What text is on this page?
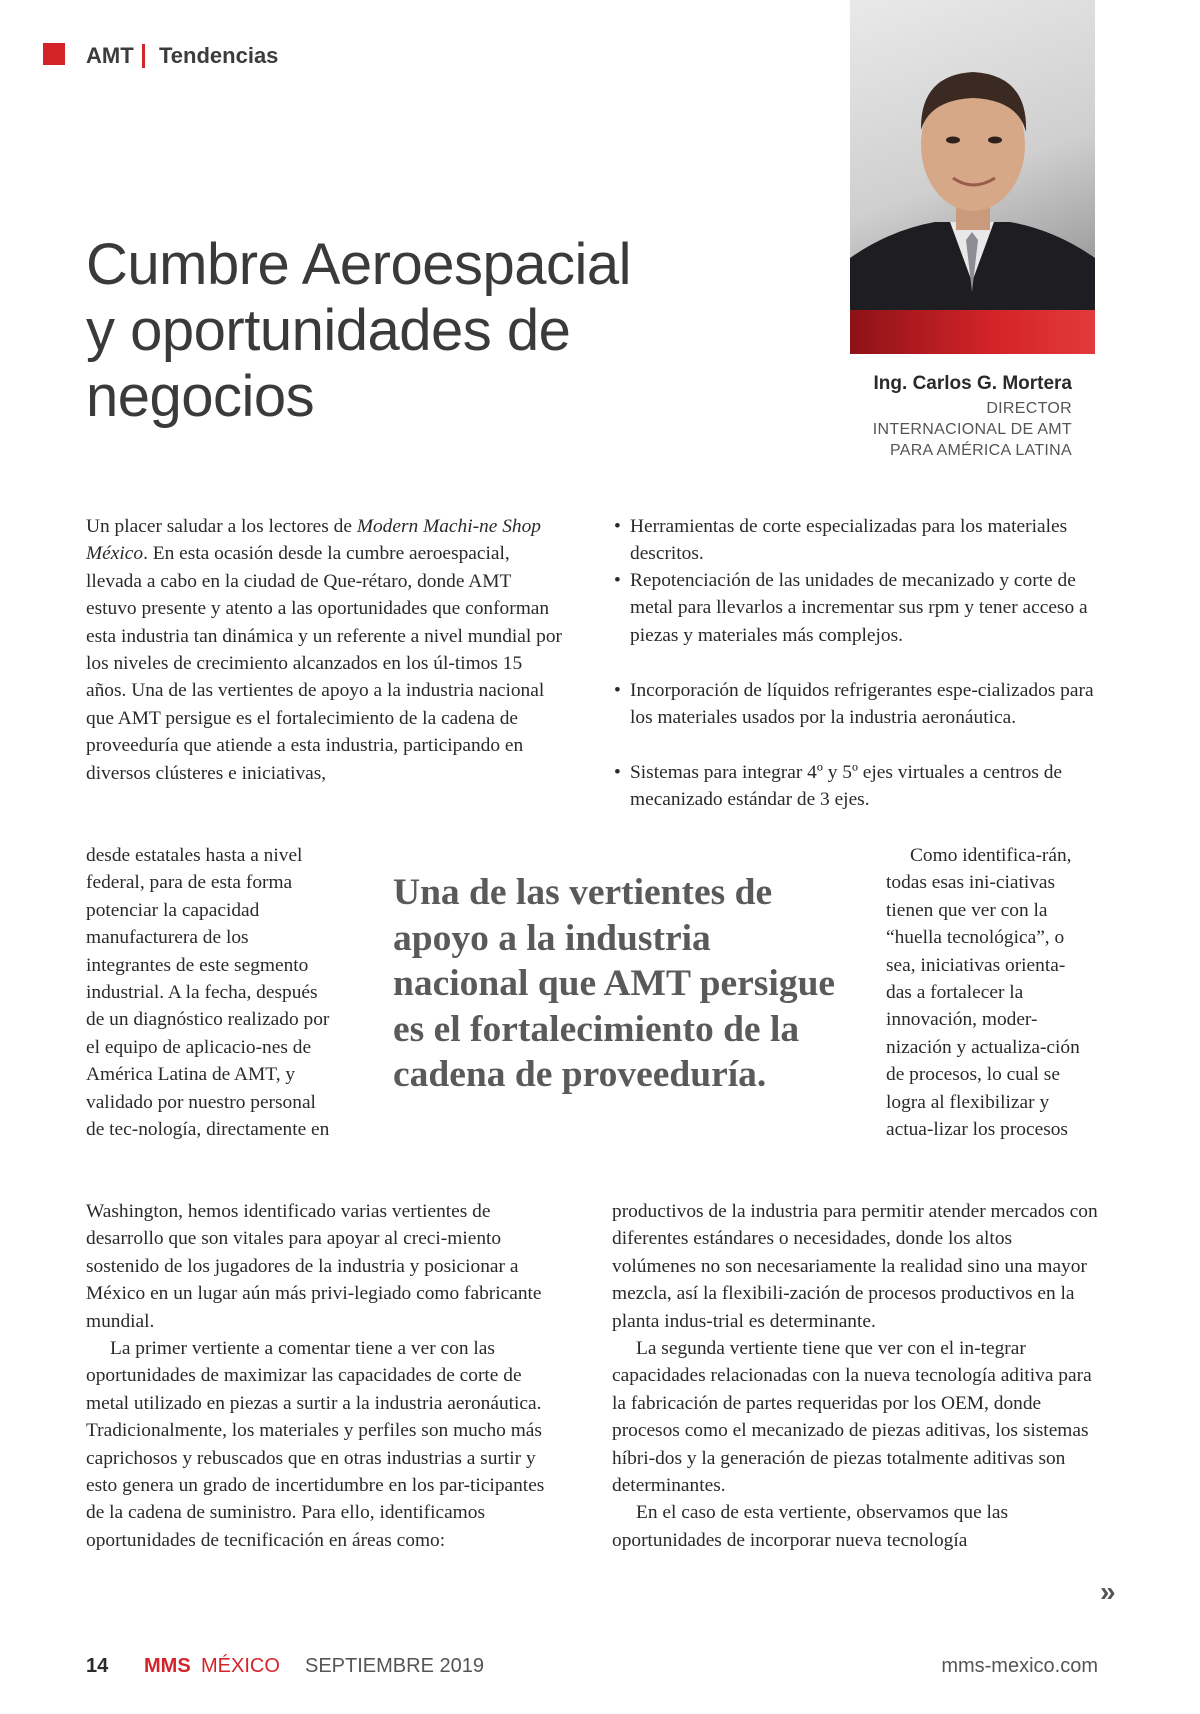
AMT Tendencias
Cumbre Aeroespacial
y oportunidades de negocios	Ing. Carlos G. Mortera
DIRECTOR
INTERNACIONAL DE AMT
PARA AMÉRICA LATINA

Un placer saludar a los lectores de Modern Machi-ne Shop México. En esta ocasión desde la cumbre aeroespacial, llevada a cabo en la ciudad de Que-rétaro, donde AMT estuvo presente y atento a las oportunidades que conforman esta industria tan dinámica y un referente a nivel mundial por los niveles de crecimiento alcanzados en los úl-timos 15 años. Una de las vertientes de apoyo a la industria nacional que AMT persigue es el fortalecimiento de la cadena de proveeduría que atiende a esta industria, participando en diversos clústeres e iniciativas,

desde estatales hasta a nivel federal, para de esta forma potenciar la capacidad manufacturera de los integrantes de este segmento industrial. A la fecha, después de un diagnóstico realizado por el equipo de aplicacio-nes de América Latina de AMT, y validado por nuestro personal de tec-nología, directamente en

Washington, hemos identificado varias vertientes de desarrollo que son vitales para apoyar al creci-miento sostenido de los jugadores de la industria y posicionar a México en un lugar aún más privi-legiado como fabricante mundial.

La primer vertiente a comentar tiene a ver con las oportunidades de maximizar las capacidades de corte de metal utilizado en piezas a surtir a la industria aeronáutica. Tradicionalmente, los materiales y perfiles son mucho más caprichosos y rebuscados que en otras industrias a surtir y esto genera un grado de incertidumbre en los par-ticipantes de la cadena de suministro. Para ello, identificamos oportunidades de tecnificación en áreas como:

• Herramientas de corte especializadas para los materiales descritos.
• Repotenciación de las unidades de mecanizado y corte de metal para llevarlos a incrementar sus rpm y tener acceso a piezas y materiales más complejos.
• Incorporación de líquidos refrigerantes espe-cializados para los materiales usados por la industria aeronáutica.
• Sistemas para integrar 4º y 5º ejes virtuales a centros de mecanizado estándar de 3 ejes.

Como identifica-rán, todas esas ini-ciativas tienen que ver con la “huella tecnológica”, o sea, iniciativas orienta-das a fortalecer la innovación, moder-nización y actualiza-ción de procesos, lo cual se logra al flexibilizar y actua-lizar los procesos

productivos de la industria para permitir atender mercados con diferentes estándares o necesidades, donde los altos volúmenes no son necesariamente la realidad sino una mayor mezcla, así la flexibili-zación de procesos productivos en la planta indus-trial es determinante.

La segunda vertiente tiene que ver con el in-tegrar capacidades relacionadas con la nueva tecnología aditiva para la fabricación de partes requeridas por los OEM, donde procesos como el mecanizado de piezas aditivas, los sistemas híbri-dos y la generación de piezas totalmente aditivas son determinantes.

En el caso de esta vertiente, observamos que las oportunidades de incorporar nueva tecnología

Una de las vertientes de apoyo a la industria nacional que AMT persigue es el fortalecimiento de la cadena de proveeduría.
»
14 MMS MÉXICO SEPTIEMBRE 2019	mms-mexico.com
